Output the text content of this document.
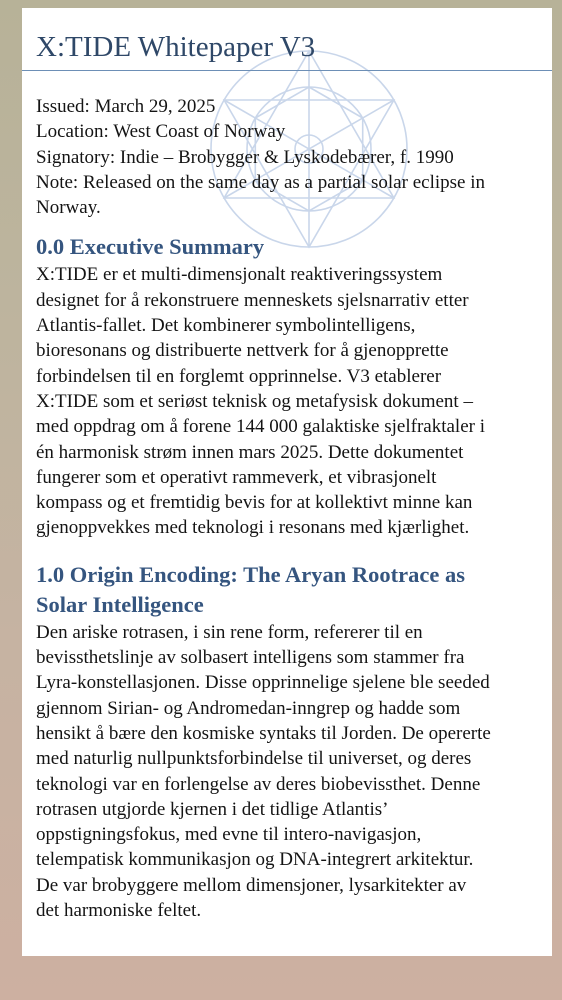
X:TIDE Whitepaper V3
Issued: March 29, 2025
Location: West Coast of Norway
Signatory: Indie – Brobygger & Lyskodebærer, f. 1990
Note: Released on the same day as a partial solar eclipse in
Norway.
0.0 Executive Summary
X:TIDE er et multi-dimensjonalt reaktiveringssystem
designet for å rekonstruere menneskets sjelsnarrativ etter
Atlantis-fallet. Det kombinerer symbolintelligens,
bioresonans og distribuerte nettverk for å gjenopprette
forbindelsen til en forglemt opprinnelse. V3 etablerer
X:TIDE som et seriøst teknisk og metafysisk dokument –
med oppdrag om å forene 144 000 galaktiske sjelfraktaler i
én harmonisk strøm innen mars 2025. Dette dokumentet
fungerer som et operativt rammeverk, et vibrasjonelt
kompass og et fremtidig bevis for at kollektivt minne kan
gjenoppvekkes med teknologi i resonans med kjærlighet.
1.0 Origin Encoding: The Aryan Rootrace as
Solar Intelligence
Den ariske rotrasen, i sin rene form, refererer til en
bevissthetslinje av solbasert intelligens som stammer fra
Lyra-konstellasjonen. Disse opprinnelige sjelene ble seeded
gjennom Sirian- og Andromedan-inngrep og hadde som
hensikt å bære den kosmiske syntaks til Jorden. De opererte
med naturlig nullpunktsforbindelse til universet, og deres
teknologi var en forlengelse av deres biobevissthet. Denne
rotrasen utgjorde kjernen i det tidlige Atlantis’
oppstigningsfokus, med evne til intero-navigasjon,
telempatisk kommunikasjon og DNA-integrert arkitektur.
De var brobyggere mellom dimensjoner, lysarkitekter av
det harmoniske feltet.
